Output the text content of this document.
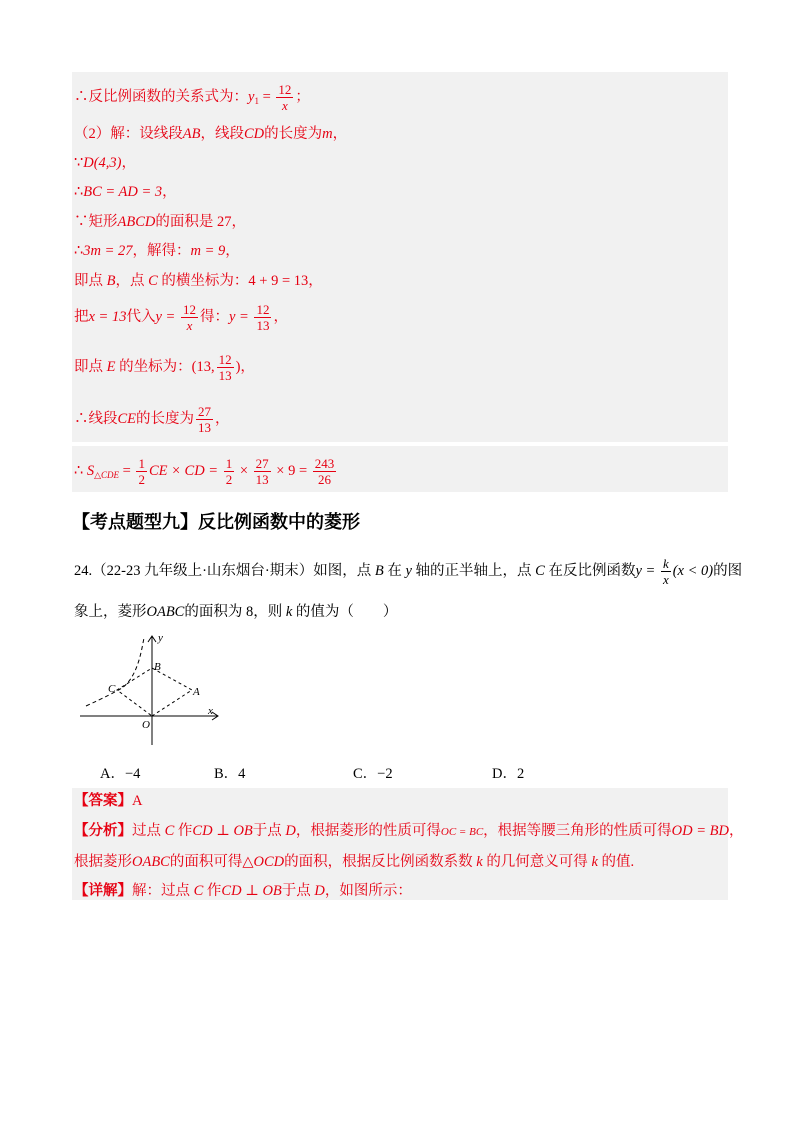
∴反比例函数的关系式为：$y_1 = \frac{12}{x}$ ；
（2）解：设线段AB，线段CD的长度为m，
∵D(4,3)，
∴BC = AD = 3，
∵矩形ABCD的面积是 27，
∴3m = 27，解得：m = 9，
即点 B，点 C 的横坐标为：4 + 9 = 13，
把x = 13代入$y = \frac{12}{x}$ 得：$y = \frac{12}{13}$ ，
即点 E 的坐标为：(13, $\frac{12}{13}$ )，
∴线段CE的长度为 $\frac{27}{13}$ ，
∴ $S_{\triangle CDE} = \frac{1}{2}$ CE × CD = $\frac{1}{2} \times \frac{27}{13} \times 9 = \frac{243}{26}$
【考点题型九】反比例函数中的菱形
24.（22-23 九年级上·山东烟台·期末）如图，点 B 在 y 轴的正半轴上，点 C 在反比例函数$y = \frac{k}{x} (x < 0)$的图
象上，菱形OABC的面积为 8，则 k 的值为（　　）
y
x
B
C	A
O
A．−4	B．4	C．−2	D．2
【答案】A
【分析】过点 C 作CD ⊥ OB于点 D，根据菱形的性质可得OC = BC，根据等腰三角形的性质可得OD = BD，
根据菱形OABC的面积可得△OCD的面积，根据反比例函数系数 k 的几何意义可得 k 的值.
【详解】解：过点 C 作CD ⊥ OB于点 D，如图所示：
